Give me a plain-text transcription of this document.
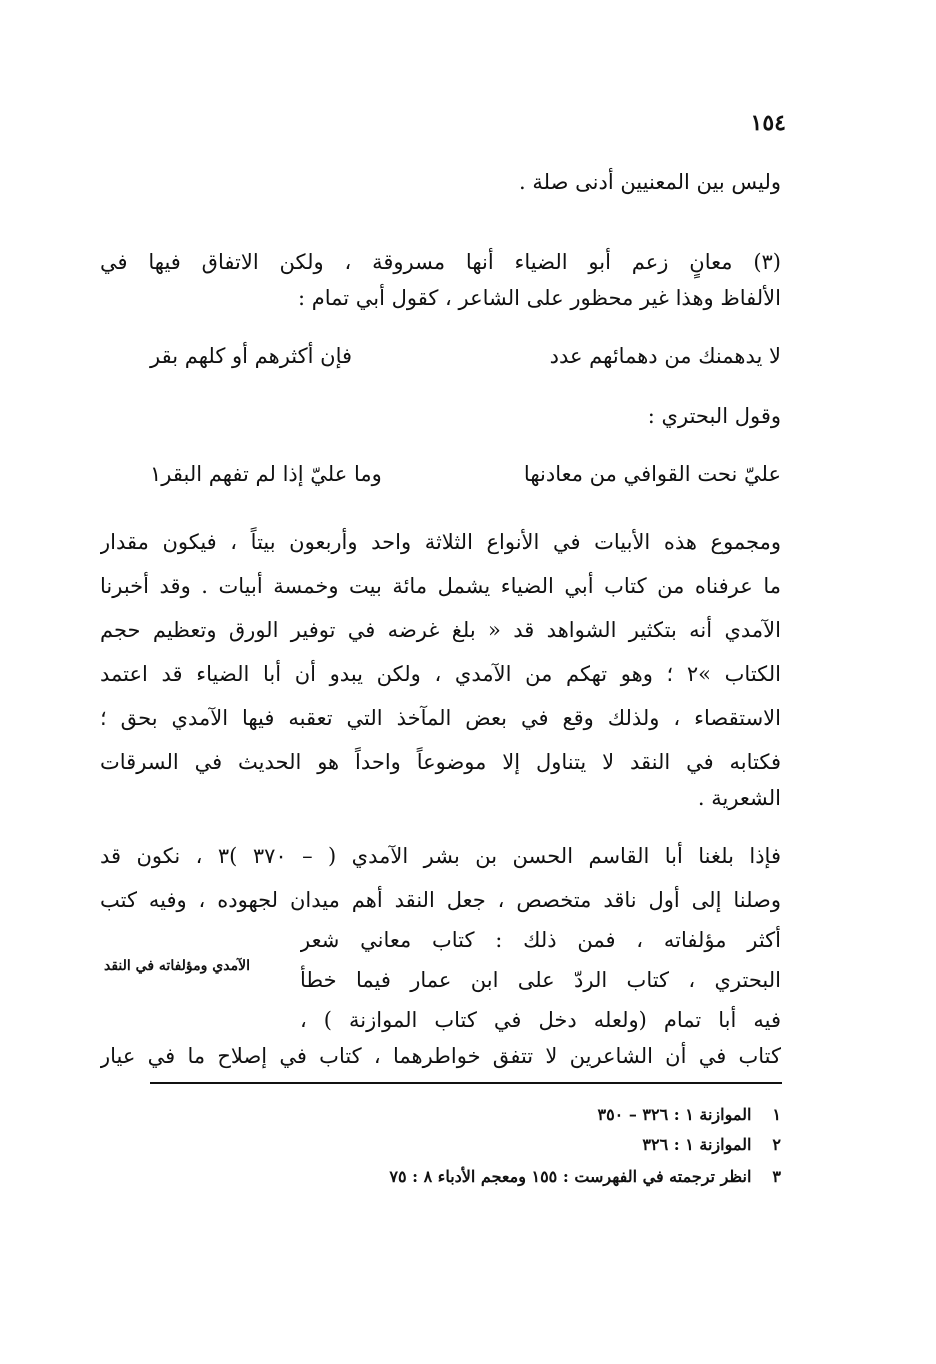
١٥٤

وليس بين المعنيين أدنى صلة .

(٣) معانٍ زعم أبو الضياء أنها مسروقة ، ولكن الاتفاق فيها في

الألفاظ وهذا غير محظور على الشاعر ، كقول أبي تمام :

لا يدهمنك من دهمائهم عدد
فإن أكثرهم أو كلهم بقر

وقول البحتري :

عليّ نحت القوافي من معادنها
وما عليّ إذا لم تفهم البقر١

ومجموع هذه الأبيات في الأنواع الثلاثة واحد وأربعون بيتاً ، فيكون مقدار

ما عرفناه من كتاب أبي الضياء يشمل مائة بيت وخمسة أبيات . وقد أخبرنا

الآمدي أنه بتكثير الشواهد قد « بلغ غرضه في توفير الورق وتعظيم حجم

الكتاب »٢ ؛ وهو تهكم من الآمدي ، ولكن يبدو أن أبا الضياء قد اعتمد

الاستقصاء ، ولذلك وقع في بعض المآخذ التي تعقبه فيها الآمدي بحق ؛

فكتابه في النقد لا يتناول إلا موضوعاً واحداً هو الحديث في السرقات

الشعرية .

فإذا بلغنا أبا القاسم الحسن بن بشر الآمدي ( – ٣٧٠ )٣ ، نكون قد

وصلنا إلى أول ناقد متخصص ، جعل النقد أهم ميدان لجهوده ، وفيه كتب

أكثر مؤلفاته ، فمن ذلك : كتاب معاني شعر

البحتري ، كتاب الردّ على ابن عمار فيما خطأ

فيه أبا تمام (ولعله دخل في كتاب الموازنة ) ،

كتاب في أن الشاعرين لا تتفق خواطرهما ، كتاب في إصلاح ما في عيار

الآمدي ومؤلفاته في النقد

١ الموازنة ١ : ٣٢٦ – ٣٥٠

٢ الموازنة ١ : ٣٢٦

٣ انظر ترجمته في الفهرست : ١٥٥ ومعجم الأدباء ٨ : ٧٥
